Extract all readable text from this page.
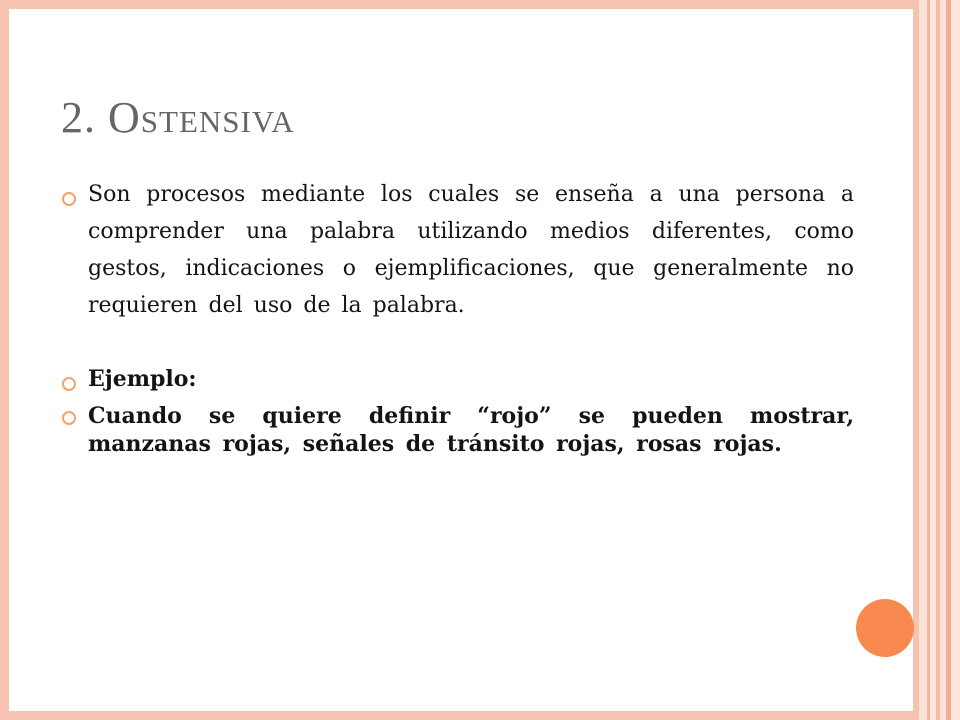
2. Ostensiva
Son procesos mediante los cuales se enseña a una persona a comprender una palabra utilizando medios diferentes, como gestos, indicaciones o ejemplificaciones, que generalmente no requieren del uso de la palabra.
Ejemplo:
Cuando se quiere definir “rojo” se pueden mostrar, manzanas rojas, señales de tránsito rojas, rosas rojas.
